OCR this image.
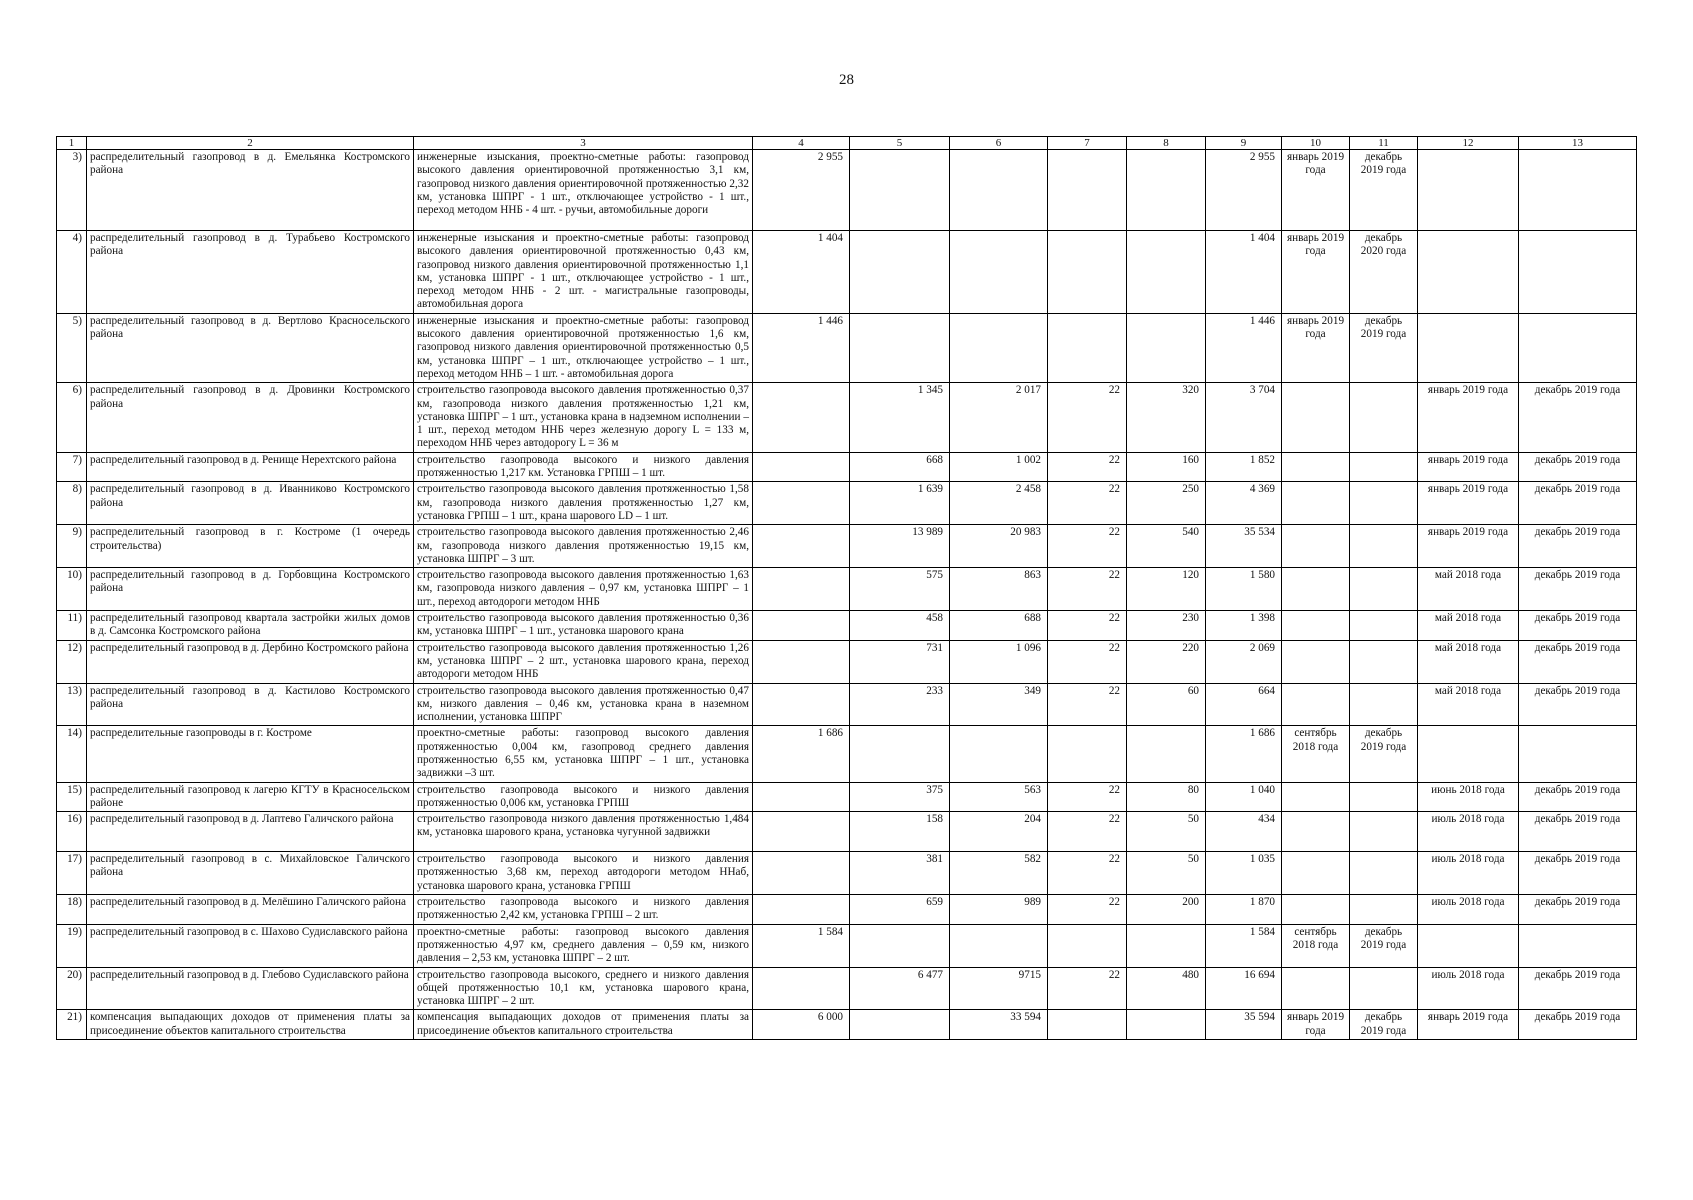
28
1	2	3	4	5	6	7	8	9	10	11	12	13
3)	распределительный газопровод в д. Емельянка Костромского района	инженерные изыскания, проектно-сметные работы: газопровод высокого давления ориентировочной протяженностью 3,1 км, газопровод низкого давления ориентировочной протяженностью 2,32 км, установка ШПРГ - 1 шт., отключающее устройство - 1 шт., переход методом ННБ - 4 шт. - ручьи, автомобильные дороги	2 955					2 955	январь 2019 года	декабрь 2019 года		
4)	распределительный газопровод в д. Турабьево Костромского района	инженерные изыскания и проектно-сметные работы: газопровод высокого давления ориентировочной протяженностью 0,43 км, газопровод низкого давления ориентировочной протяженностью 1,1 км, установка ШПРГ - 1 шт., отключающее устройство - 1 шт., переход методом ННБ - 2 шт. - магистральные газопроводы, автомобильная дорога	1 404					1 404	январь 2019 года	декабрь 2020 года		
5)	распределительный газопровод в д. Вертлово Красносельского района	инженерные изыскания и проектно-сметные работы: газопровод высокого давления ориентировочной протяженностью 1,6 км, газопровод низкого давления ориентировочной протяженностью 0,5 км, установка ШПРГ – 1 шт., отключающее устройство – 1 шт., переход методом ННБ – 1 шт. - автомобильная дорога	1 446					1 446	январь 2019 года	декабрь 2019 года		
6)	распределительный газопровод в д. Дровинки Костромского района	строительство газопровода высокого давления протяженностью 0,37 км, газопровода низкого давления протяженностью 1,21 км, установка ШПРГ – 1 шт., установка крана в надземном исполнении – 1 шт., переход методом ННБ через железную дорогу L = 133 м, переходом ННБ через автодорогу L = 36 м		1 345	2 017	22	320	3 704			январь 2019 года	декабрь 2019 года
7)	распределительный газопровод в д. Ренище Нерехтского района	строительство газопровода высокого и низкого давления протяженностью 1,217 км. Установка ГРПШ – 1 шт.		668	1 002	22	160	1 852			январь 2019 года	декабрь 2019 года
8)	распределительный газопровод в д. Иванниково Костромского района	строительство газопровода высокого давления протяженностью 1,58 км, газопровода низкого давления протяженностью 1,27 км, установка ГРПШ – 1 шт., крана шарового LD – 1 шт.		1 639	2 458	22	250	4 369			январь 2019 года	декабрь 2019 года
9)	распределительный газопровод в г. Костроме (1 очередь строительства)	строительство газопровода высокого давления протяженностью 2,46 км, газопровода низкого давления протяженностью 19,15 км, установка ШПРГ – 3 шт.		13 989	20 983	22	540	35 534			январь 2019 года	декабрь 2019 года
10)	распределительный газопровод в д. Горбовщина Костромского района	строительство газопровода высокого давления протяженностью 1,63 км, газопровода низкого давления – 0,97 км, установка ШПРГ – 1 шт., переход автодороги методом ННБ		575	863	22	120	1 580			май 2018 года	декабрь 2019 года
11)	распределительный газопровод квартала застройки жилых домов в д. Самсонка Костромского района	строительство газопровода высокого давления протяженностью 0,36 км, установка ШПРГ – 1 шт., установка шарового крана		458	688	22	230	1 398			май 2018 года	декабрь 2019 года
12)	распределительный газопровод в д. Дербино Костромского района	строительство газопровода высокого давления протяженностью 1,26 км, установка ШПРГ – 2 шт., установка шарового крана, переход автодороги методом ННБ		731	1 096	22	220	2 069			май 2018 года	декабрь 2019 года
13)	распределительный газопровод в д. Кастилово Костромского района	строительство газопровода высокого давления протяженностью 0,47 км, низкого давления – 0,46 км, установка крана в наземном исполнении, установка ШПРГ		233	349	22	60	664			май 2018 года	декабрь 2019 года
14)	распределительные газопроводы в г. Костроме	проектно-сметные работы: газопровод высокого давления протяженностью 0,004 км, газопровод среднего давления протяженностью 6,55 км, установка ШПРГ – 1 шт., установка задвижки –3 шт.	1 686					1 686	сентябрь 2018 года	декабрь 2019 года		
15)	распределительный газопровод к лагерю КГТУ в Красносельском районе	строительство газопровода высокого и низкого давления протяженностью 0,006 км, установка ГРПШ		375	563	22	80	1 040			июнь 2018 года	декабрь 2019 года
16)	распределительный газопровод в д. Лаптево Галичского района	строительство газопровода низкого давления протяженностью 1,484 км, установка шарового крана, установка чугунной задвижки		158	204	22	50	434			июль 2018 года	декабрь 2019 года
17)	распределительный газопровод в с. Михайловское Галичского района	строительство газопровода высокого и низкого давления протяженностью 3,68 км, переход автодороги методом ННаб, установка шарового крана, установка ГРПШ		381	582	22	50	1 035			июль 2018 года	декабрь 2019 года
18)	распределительный газопровод в д. Мелёшино Галичского района	строительство газопровода высокого и низкого давления протяженностью 2,42 км, установка ГРПШ – 2 шт.		659	989	22	200	1 870			июль 2018 года	декабрь 2019 года
19)	распределительный газопровод в с. Шахово Судиславского района	проектно-сметные работы: газопровод высокого давления протяженностью 4,97 км, среднего давления – 0,59 км, низкого давления – 2,53 км, установка ШПРГ – 2 шт.	1 584					1 584	сентябрь 2018 года	декабрь 2019 года		
20)	распределительный газопровод в д. Глебово Судиславского района	строительство газопровода высокого, среднего и низкого давления общей протяженностью 10,1 км, установка шарового крана, установка ШПРГ – 2 шт.		6 477	9715	22	480	16 694			июль 2018 года	декабрь 2019 года
21)	компенсация выпадающих доходов от применения платы за присоединение объектов капитального строительства	компенсация выпадающих доходов от применения платы за присоединение объектов капитального строительства	6 000		33 594			35 594	январь 2019 года	декабрь 2019 года	январь 2019 года	декабрь 2019 года
